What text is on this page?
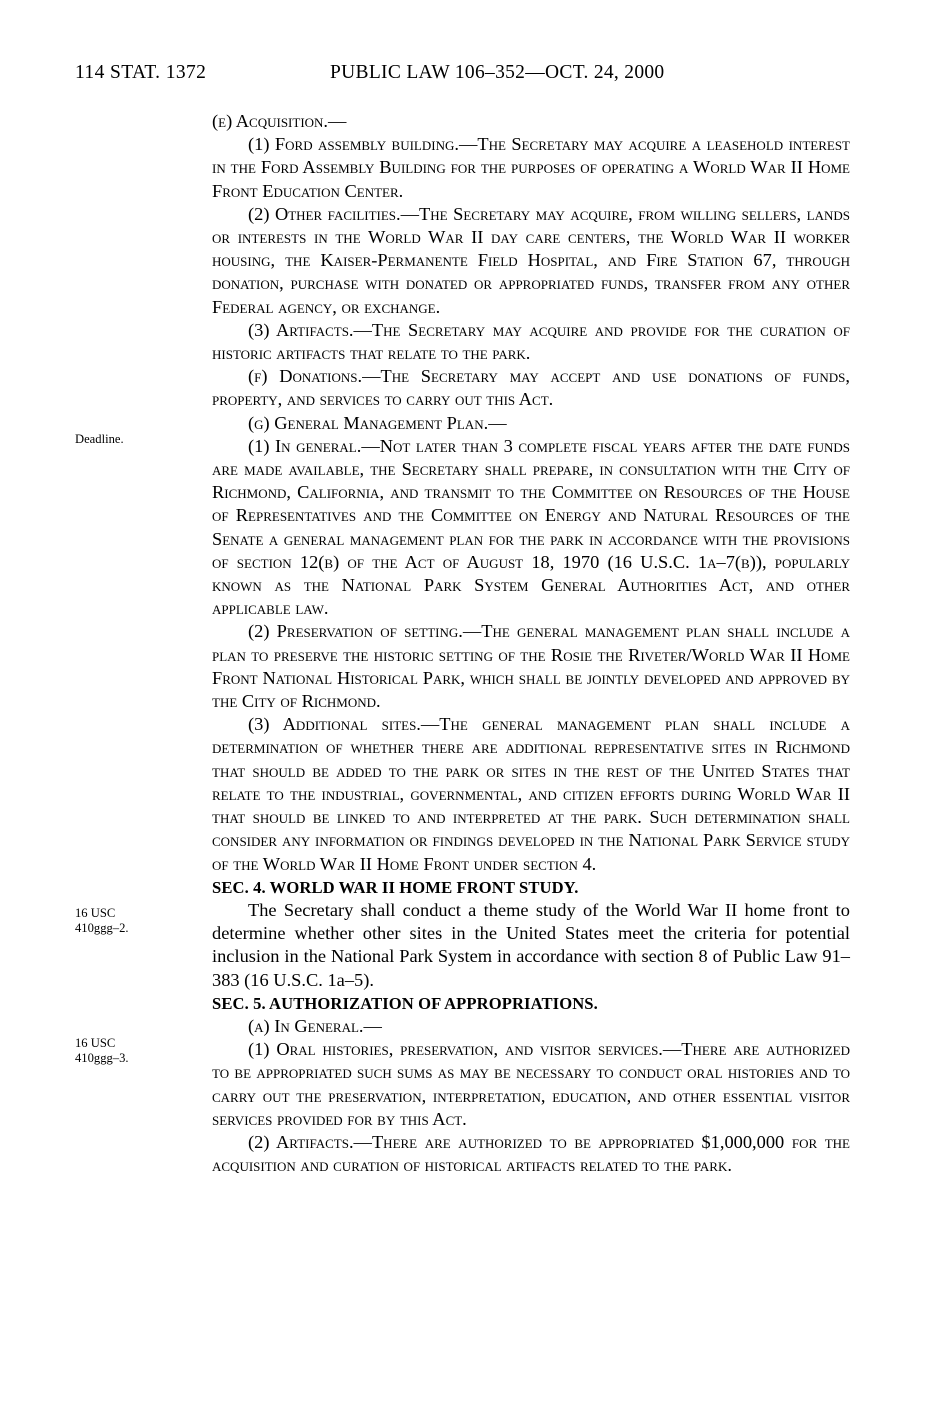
114 STAT. 1372	PUBLIC LAW 106–352—OCT. 24, 2000
Deadline.
16 USC
410ggg–2.
16 USC
410ggg–3.

(e) Acquisition.—

(1) Ford assembly building.—The Secretary may acquire a leasehold interest in the Ford Assembly Building for the purposes of operating a World War II Home Front Education Center.

(2) Other facilities.—The Secretary may acquire, from willing sellers, lands or interests in the World War II day care centers, the World War II worker housing, the Kaiser-Permanente Field Hospital, and Fire Station 67, through donation, purchase with donated or appropriated funds, transfer from any other Federal agency, or exchange.

(3) Artifacts.—The Secretary may acquire and provide for the curation of historic artifacts that relate to the park.

(f) Donations.—The Secretary may accept and use donations of funds, property, and services to carry out this Act.

(g) General Management Plan.—

(1) In general.—Not later than 3 complete fiscal years after the date funds are made available, the Secretary shall prepare, in consultation with the City of Richmond, California, and transmit to the Committee on Resources of the House of Representatives and the Committee on Energy and Natural Resources of the Senate a general management plan for the park in accordance with the provisions of section 12(b) of the Act of August 18, 1970 (16 U.S.C. 1a–7(b)), popularly known as the National Park System General Authorities Act, and other applicable law.

(2) Preservation of setting.—The general management plan shall include a plan to preserve the historic setting of the Rosie the Riveter/World War II Home Front National Historical Park, which shall be jointly developed and approved by the City of Richmond.

(3) Additional sites.—The general management plan shall include a determination of whether there are additional representative sites in Richmond that should be added to the park or sites in the rest of the United States that relate to the industrial, governmental, and citizen efforts during World War II that should be linked to and interpreted at the park. Such determination shall consider any information or findings developed in the National Park Service study of the World War II Home Front under section 4.

SEC. 4. WORLD WAR II HOME FRONT STUDY.

The Secretary shall conduct a theme study of the World War II home front to determine whether other sites in the United States meet the criteria for potential inclusion in the National Park System in accordance with section 8 of Public Law 91–383 (16 U.S.C. 1a–5).

SEC. 5. AUTHORIZATION OF APPROPRIATIONS.

(a) In General.—

(1) Oral histories, preservation, and visitor services.—There are authorized to be appropriated such sums as may be necessary to conduct oral histories and to carry out the preservation, interpretation, education, and other essential visitor services provided for by this Act.

(2) Artifacts.—There are authorized to be appropriated $1,000,000 for the acquisition and curation of historical artifacts related to the park.
